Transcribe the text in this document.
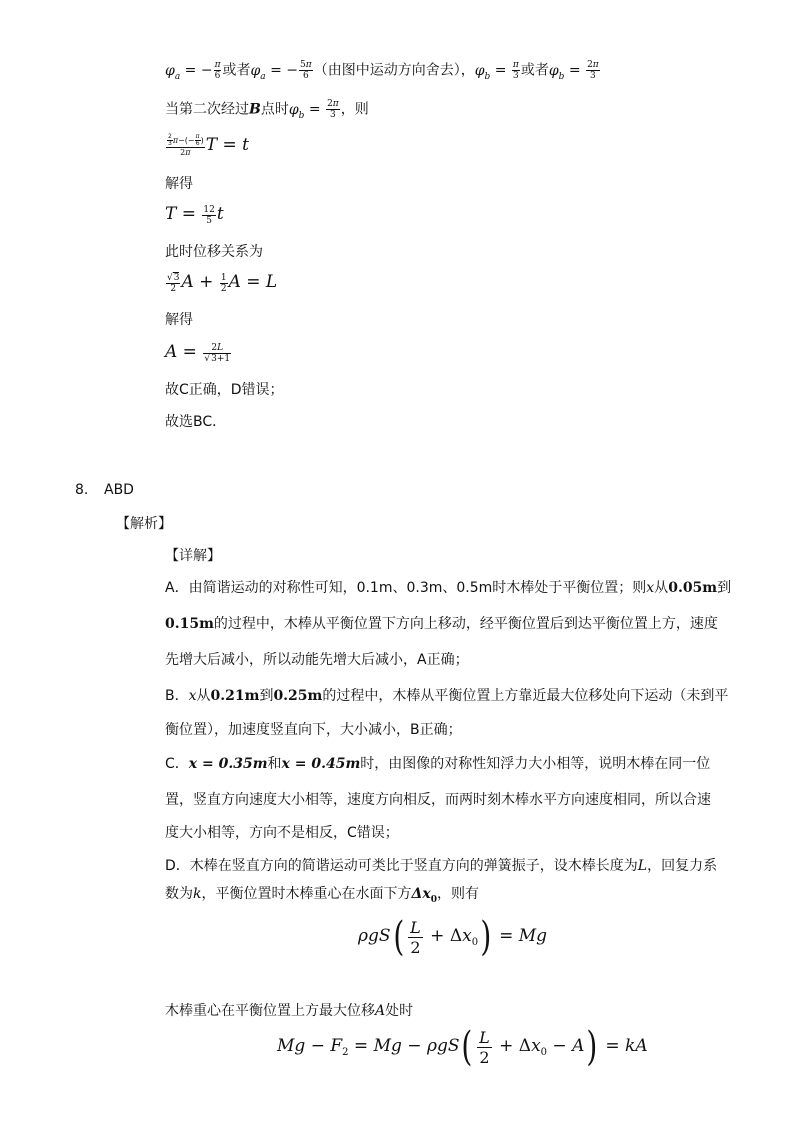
$\varphi_a$ = − $\frac{\pi}{6}$ 或者$\varphi_a$ = − $\frac{5\pi}{6}$ （由图中运动方向舍去），$\varphi_b = \frac{\pi}{3}$ 或者$\varphi_b = \frac{2\pi}{3}$
当第二次经过B点时$\varphi_b = \frac{2\pi}{3}$ ，则
$\frac{\frac{2}{3} \pi-(- \frac{\pi}{6} )}{2\pi}$ T = t
解得
$T = \frac{12}{5}$ t
此时位移关系为
$\frac{√3}{2}$ $A + \frac{1}{2}$ A = L
解得
$A = \frac{2L}{√3+1}$
故C正确，D错误；
故选BC．
8. ABD
【解析】
【详解】
A．由简谐运动的对称性可知，0.1m、0.3m、0.5m时木棒处于平衡位置；则x从0.05m到
0.15m的过程中，木棒从平衡位置下方向上移动，经平衡位置后到达平衡位置上方，速度
先增大后减小，所以动能先增大后减小，A正确；
B．x从0.21m到0.25m的过程中，木棒从平衡位置上方靠近最大位移处向下运动（未到平
衡位置），加速度竖直向下，大小减小，B正确；
C．x = 0.35m和x = 0.45m时，由图像的对称性知浮力大小相等，说明木棒在同一位
置，竖直方向速度大小相等，速度方向相反，而两时刻木棒水平方向速度相同，所以合速
度大小相等，方向不是相反，C错误；
D．木棒在竖直方向的简谐运动可类比于竖直方向的弹簧振子，设木棒长度为L，回复力系
数为k，平衡位置时木棒重心在水面下方$\Delta x_0$，则有
$\rho gS( \frac{L}{2} + \Delta x_0) = Mg$
木棒重心在平衡位置上方最大位移A处时
$Mg - F_2 = Mg - \rho gS( \frac{L}{2} + \Delta x_0 - A)$ = kA
